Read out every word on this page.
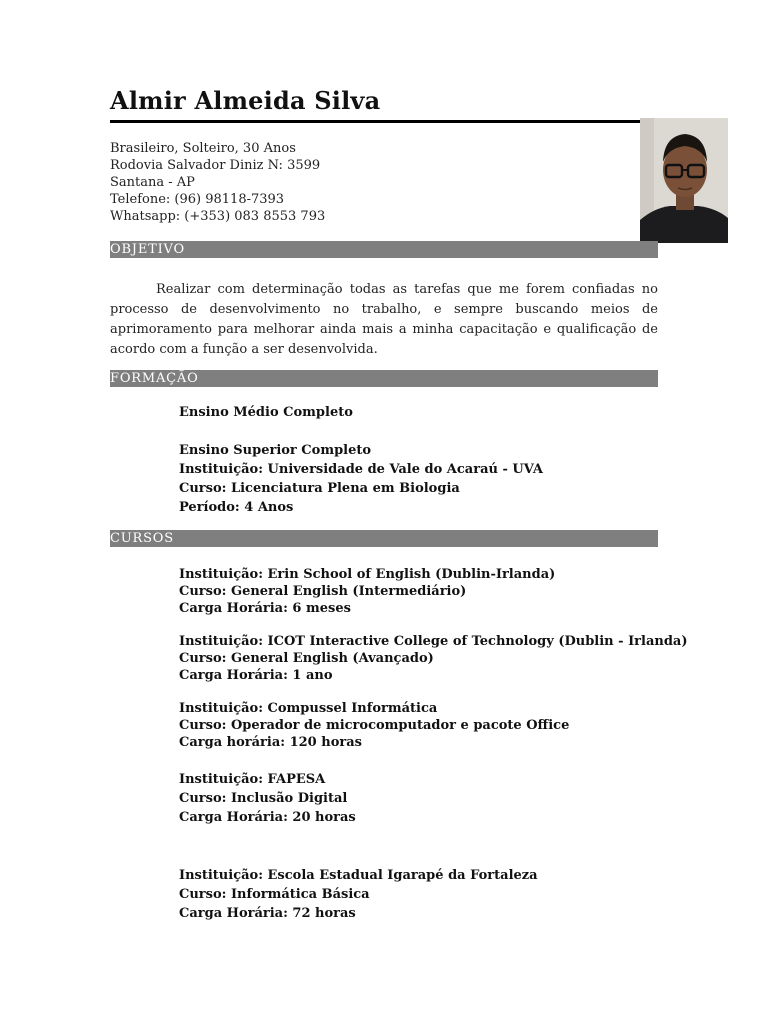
Almir Almeida Silva
Brasileiro, Solteiro, 30 Anos
Rodovia Salvador Diniz N: 3599
Santana - AP
Telefone: (96) 98118-7393
Whatsapp: (+353) 083 8553 793
OBJETIVO
Realizar com determinação todas as tarefas que me forem confiadas no processo de desenvolvimento no trabalho, e sempre buscando meios de aprimoramento para melhorar ainda mais a minha capacitação e qualificação de acordo com a função a ser desenvolvida.
FORMAÇÃO
Ensino Médio Completo
Ensino Superior Completo
Instituição: Universidade de Vale do Acaraú - UVA
Curso: Licenciatura Plena em Biologia
Período: 4 Anos
CURSOS
Instituição: Erin School of English (Dublin-Irlanda)
Curso: General English (Intermediário)
Carga Horária: 6 meses
Instituição: ICOT Interactive College of Technology (Dublin - Irlanda)
Curso: General English (Avançado)
Carga Horária: 1 ano
Instituição: Compussel Informática
Curso: Operador de microcomputador e pacote Office
Carga horária: 120 horas
Instituição: FAPESA
Curso: Inclusão Digital
Carga Horária: 20 horas
Instituição: Escola Estadual Igarapé da Fortaleza
Curso: Informática Básica
Carga Horária: 72 horas
